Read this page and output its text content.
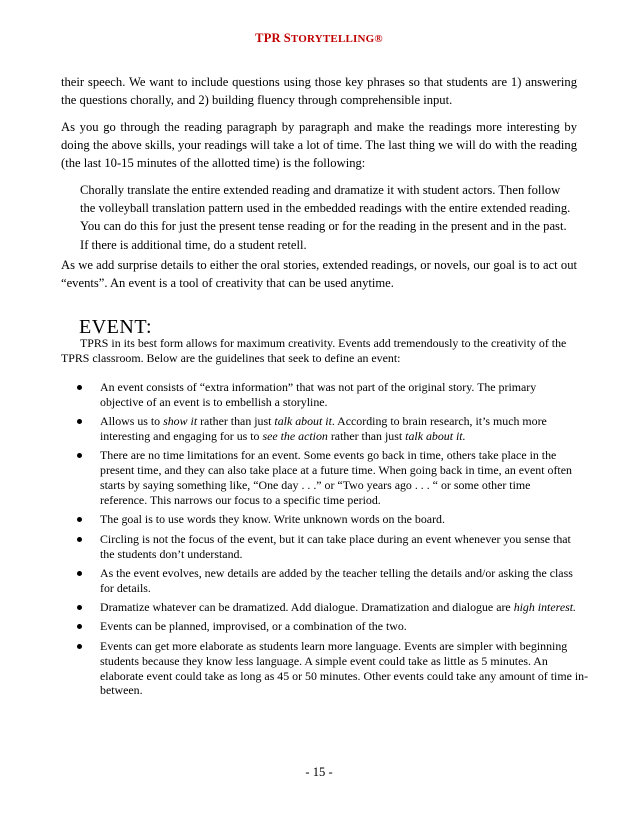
TPR STORYTELLING®
their speech. We want to include questions using those key phrases so that students are 1) answering the questions chorally, and 2) building fluency through comprehensible input.
As you go through the reading paragraph by paragraph and make the readings more interesting by doing the above skills, your readings will take a lot of time. The last thing we will do with the reading (the last 10-15 minutes of the allotted time) is the following:
Chorally translate the entire extended reading and dramatize it with student actors. Then follow the volleyball translation pattern used in the embedded readings with the entire extended reading. You can do this for just the present tense reading or for the reading in the present and in the past. If there is additional time, do a student retell.
As we add surprise details to either the oral stories, extended readings, or novels, our goal is to act out “events”. An event is a tool of creativity that can be used anytime.
EVENT:
TPRS in its best form allows for maximum creativity. Events add tremendously to the creativity of the TPRS classroom. Below are the guidelines that seek to define an event:
An event consists of “extra information” that was not part of the original story. The primary objective of an event is to embellish a storyline.
Allows us to show it rather than just talk about it. According to brain research, it’s much more interesting and engaging for us to see the action rather than just talk about it.
There are no time limitations for an event. Some events go back in time, others take place in the present time, and they can also take place at a future time. When going back in time, an event often starts by saying something like, “One day . . .” or “Two years ago . . . “ or some other time reference. This narrows our focus to a specific time period.
The goal is to use words they know. Write unknown words on the board.
Circling is not the focus of the event, but it can take place during an event whenever you sense that the students don’t understand.
As the event evolves, new details are added by the teacher telling the details and/or asking the class for details.
Dramatize whatever can be dramatized. Add dialogue. Dramatization and dialogue are high interest.
Events can be planned, improvised, or a combination of the two.
Events can get more elaborate as students learn more language. Events are simpler with beginning students because they know less language. A simple event could take as little as 5 minutes. An elaborate event could take as long as 45 or 50 minutes. Other events could take any amount of time in-between.
- 15 -
